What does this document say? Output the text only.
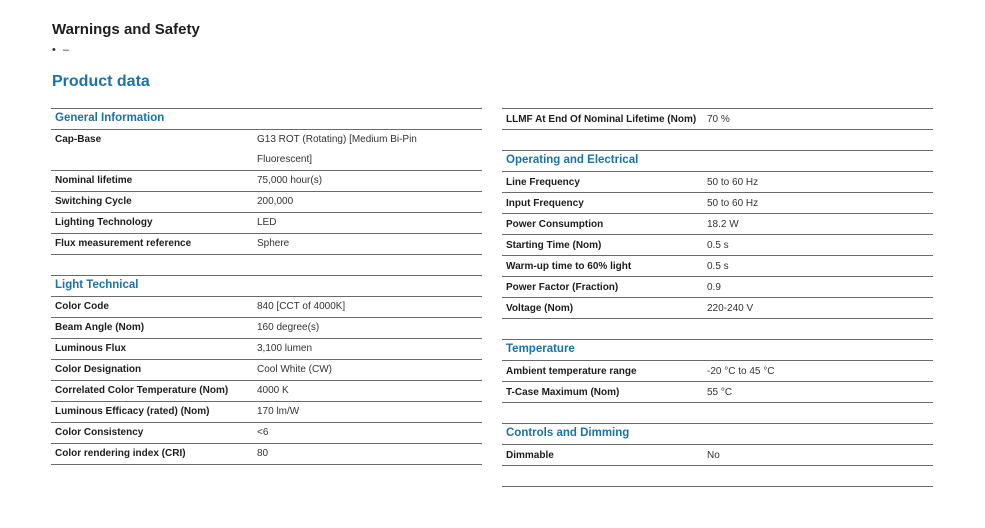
Warnings and Safety
• –
Product data
General Information
Cap-Base	G13 ROT (Rotating) [Medium Bi-Pin
Fluorescent]
Nominal lifetime	75,000 hour(s)
Switching Cycle	200,000
Lighting Technology	LED
Flux measurement reference	Sphere
Light Technical
Color Code	840 [CCT of 4000K]
Beam Angle (Nom)	160 degree(s)
Luminous Flux	3,100 lumen
Color Designation	Cool White (CW)
Correlated Color Temperature (Nom)	4000 K
Luminous Efficacy (rated) (Nom)	170 lm/W
Color Consistency	<6
Color rendering index (CRI)	80
LLMF At End Of Nominal Lifetime (Nom) 70 %
Operating and Electrical
Line Frequency	50 to 60 Hz
Input Frequency	50 to 60 Hz
Power Consumption	18.2 W
Starting Time (Nom)	0.5 s
Warm-up time to 60% light	0.5 s
Power Factor (Fraction)	0.9
Voltage (Nom)	220-240 V
Temperature
Ambient temperature range	-20 °C to 45 °C
T-Case Maximum (Nom)	55 °C
Controls and Dimming
Dimmable	No
